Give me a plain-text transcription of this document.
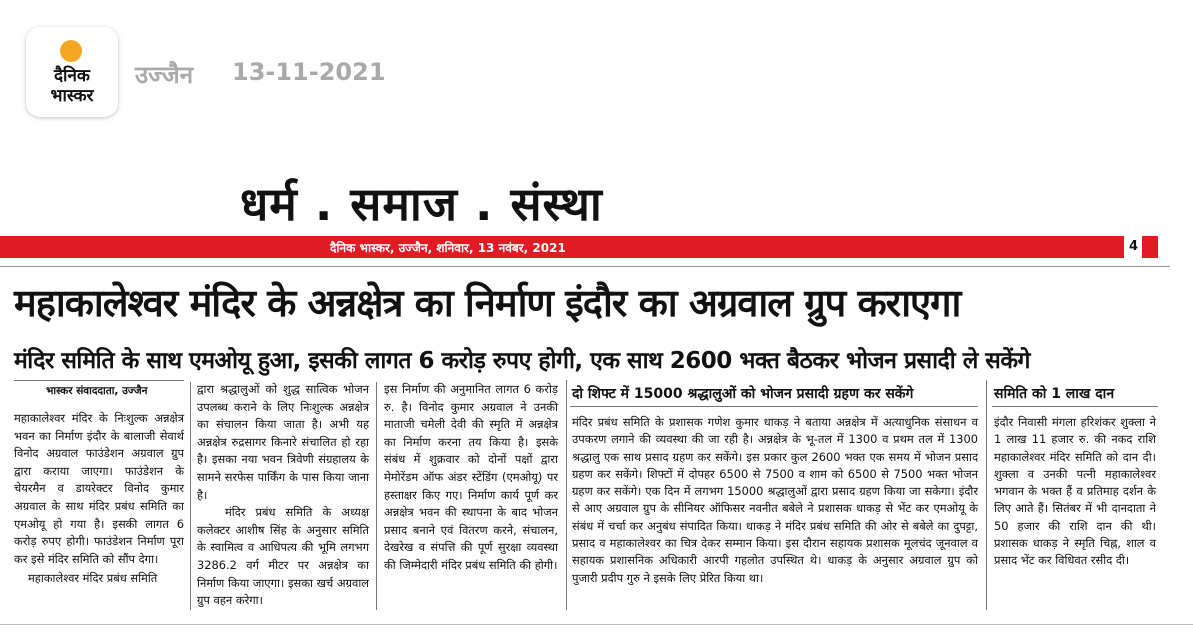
दैनिक
भास्कर
उज्जैन 13-11-2021
धर्म . समाज . संस्था
दैनिक भास्कर, उज्जैन, शनिवार, 13 नवंबर, 2021	4
महाकालेश्वर मंदिर के अन्नक्षेत्र का निर्माण इंदौर का अग्रवाल ग्रुप कराएगा
मंदिर समिति के साथ एमओयू हुआ, इसकी लागत 6 करोड़ रुपए होगी, एक साथ 2600 भक्त बैठकर भोजन प्रसादी ले सकेंगे
भास्कर संवाददाता, उज्जैन
महाकालेश्वर मंदिर के निःशुल्क अन्नक्षेत्र भवन का निर्माण इंदौर के बालाजी सेवार्थ विनोद अग्रवाल फाउंडेशन अग्रवाल ग्रुप द्वारा कराया जाएगा। फाउंडेशन के चेयरमैन व डायरेक्टर विनोद कुमार अग्रवाल के साथ मंदिर प्रबंध समिति का एमओयू हो गया है। इसकी लागत 6 करोड़ रुपए होगी। फाउंडेशन निर्माण पूरा कर इसे मंदिर समिति को सौंप देगा।
महाकालेश्वर मंदिर प्रबंध समिति
द्वारा श्रद्धालुओं को शुद्ध सात्विक भोजन उपलब्ध कराने के लिए निःशुल्क अन्नक्षेत्र का संचालन किया जाता है। अभी यह अन्नक्षेत्र रुद्रसागर किनारे संचालित हो रहा है। इसका नया भवन त्रिवेणी संग्रहालय के सामने सरफेस पार्किंग के पास किया जाना है।
मंदिर प्रबंध समिति के अध्यक्ष कलेक्टर आशीष सिंह के अनुसार समिति के स्वामित्व व आधिपत्य की भूमि लगभग 3286.2 वर्ग मीटर पर अन्नक्षेत्र का निर्माण किया जाएगा। इसका खर्च अग्रवाल ग्रुप वहन करेगा।
इस निर्माण की अनुमानित लागत 6 करोड़ रु. है। विनोद कुमार अग्रवाल ने उनकी माताजी चमेली देवी की स्मृति में अन्नक्षेत्र का निर्माण करना तय किया है। इसके संबंध में शुक्रवार को दोनों पक्षों द्वारा मेमोरेंडम ऑफ अंडर स्टेंडिंग (एमओयू) पर हस्ताक्षर किए गए। निर्माण कार्य पूर्ण कर अन्नक्षेत्र भवन की स्थापना के बाद भोजन प्रसाद बनाने एवं वितरण करने, संचालन, देखरेख व संपत्ति की पूर्ण सुरक्षा व्यवस्था की जिम्मेदारी मंदिर प्रबंध समिति की होगी।
दो शिफ्ट में 15000 श्रद्धालुओं को भोजन प्रसादी ग्रहण कर सकेंगे
मंदिर प्रबंध समिति के प्रशासक गणेश कुमार धाकड़ ने बताया अन्नक्षेत्र में अत्याधुनिक संसाधन व उपकरण लगाने की व्यवस्था की जा रही है। अन्नक्षेत्र के भू-तल में 1300 व प्रथम तल में 1300 श्रद्धालु एक साथ प्रसाद ग्रहण कर सकेंगे। इस प्रकार कुल 2600 भक्त एक समय में भोजन प्रसाद ग्रहण कर सकेंगे। शिफ्टों में दोपहर 6500 से 7500 व शाम को 6500 से 7500 भक्त भोजन ग्रहण कर सकेंगे। एक दिन में लगभग 15000 श्रद्धालुओं द्वारा प्रसाद ग्रहण किया जा सकेगा। इंदौर से आए अग्रवाल ग्रुप के सीनियर ऑफिसर नवनीत बबेले ने प्रशासक धाकड़ से भेंट कर एमओयू के संबंध में चर्चा कर अनुबंध संपादित किया। धाकड़ ने मंदिर प्रबंध समिति की ओर से बबेले का दुपट्टा, प्रसाद व महाकालेश्वर का चित्र देकर सम्मान किया। इस दौरान सहायक प्रशासक मूलचंद जूनवाल व सहायक प्रशासनिक अधिकारी आरपी गहलोत उपस्थित थे। धाकड़ के अनुसार अग्रवाल ग्रुप को पुजारी प्रदीप गुरु ने इसके लिए प्रेरित किया था।
समिति को 1 लाख दान
इंदौर निवासी मंगला हरिशंकर शुक्ला ने 1 लाख 11 हजार रु. की नकद राशि महाकालेश्वर मंदिर समिति को दान दी। शुक्ला व उनकी पत्नी महाकालेश्वर भगवान के भक्त हैं व प्रतिमाह दर्शन के लिए आते हैं। सितंबर में भी दानदाता ने 50 हजार की राशि दान की थी। प्रशासक धाकड़ ने स्मृति चिह्न, शाल व प्रसाद भेंट कर विधिवत रसीद दी।
